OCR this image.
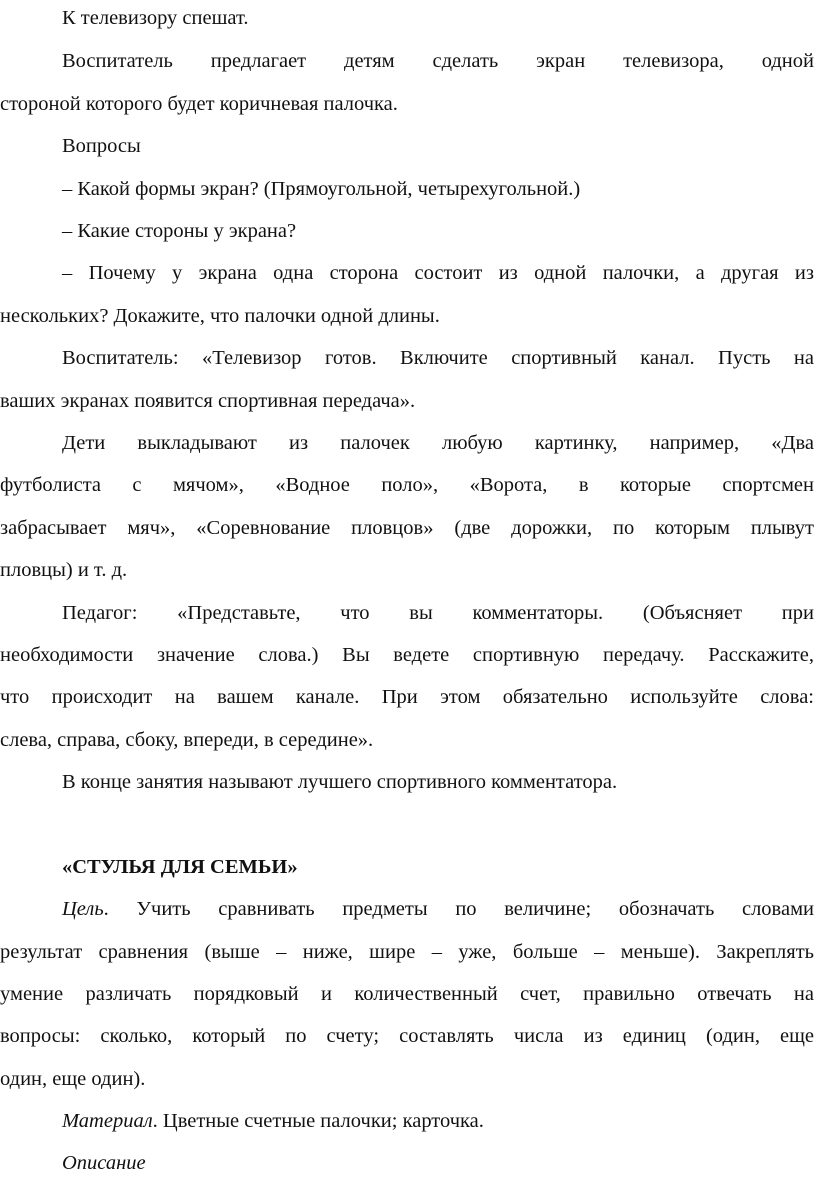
К телевизору спешат.
Воспитатель предлагает детям сделать экран телевизора, одной
стороной которого будет коричневая палочка.
Вопросы
– Какой формы экран? (Прямоугольной, четырехугольной.)
– Какие стороны у экрана?
– Почему у экрана одна сторона состоит из одной палочки, а другая из
нескольких? Докажите, что палочки одной длины.
Воспитатель: «Телевизор готов. Включите спортивный канал. Пусть на
ваших экранах появится спортивная передача».
Дети выкладывают из палочек любую картинку, например, «Два
футболиста с мячом», «Водное поло», «Ворота, в которые спортсмен
забрасывает мяч», «Соревнование пловцов» (две дорожки, по которым плывут
пловцы) и т. д.
Педагог: «Представьте, что вы комментаторы. (Объясняет при
необходимости значение слова.) Вы ведете спортивную передачу. Расскажите,
что происходит на вашем канале. При этом обязательно используйте слова:
слева, справа, сбоку, впереди, в середине».
В конце занятия называют лучшего спортивного комментатора.
«СТУЛЬЯ ДЛЯ СЕМЬИ»
Цель. Учить сравнивать предметы по величине; обозначать словами
результат сравнения (выше – ниже, шире – уже, больше – меньше). Закреплять
умение различать порядковый и количественный счет, правильно отвечать на
вопросы: сколько, который по счету; составлять числа из единиц (один, еще
один, еще один).
Материал. Цветные счетные палочки; карточка.
Описание
